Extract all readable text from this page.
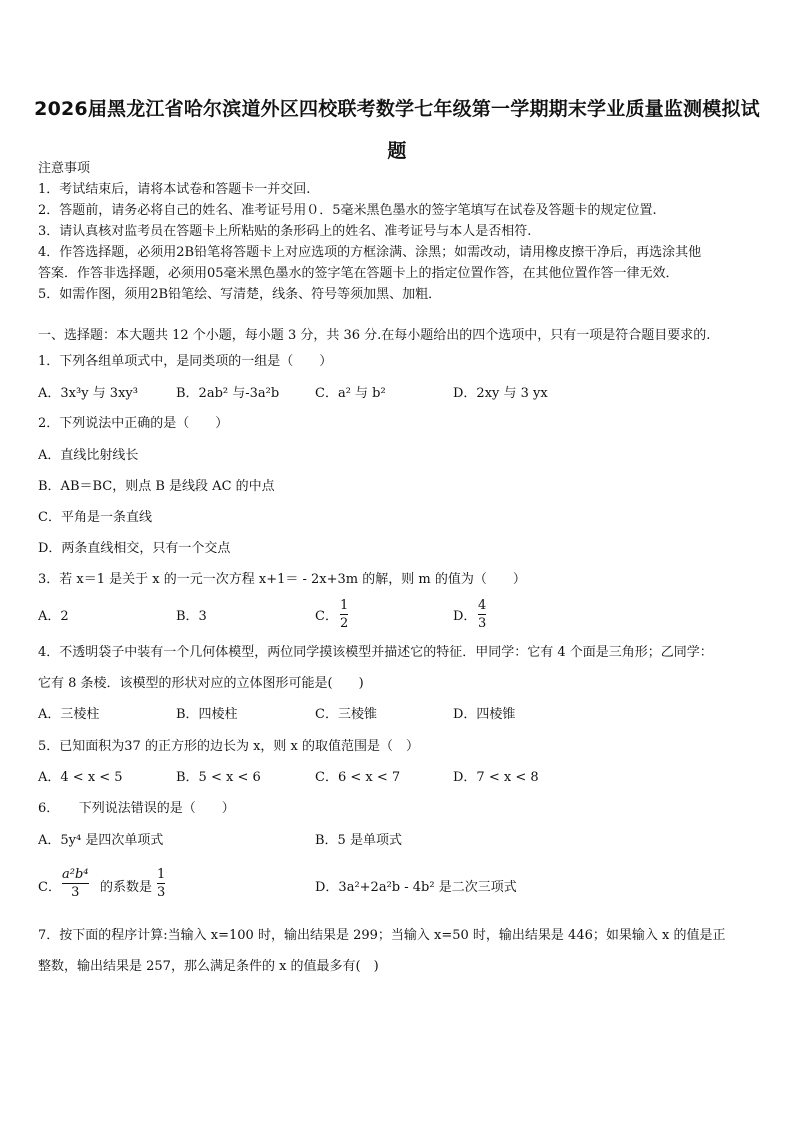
2026届黑龙江省哈尔滨道外区四校联考数学七年级第一学期期末学业质量监测模拟试
题
注意事项
1．考试结束后，请将本试卷和答题卡一并交回.
2．答题前，请务必将自己的姓名、准考证号用０．5毫米黑色墨水的签字笔填写在试卷及答题卡的规定位置.
3．请认真核对监考员在答题卡上所粘贴的条形码上的姓名、准考证号与本人是否相符.
4．作答选择题，必须用2B铅笔将答题卡上对应选项的方框涂满、涂黑；如需改动，请用橡皮擦干净后，再选涂其他
答案．作答非选择题，必须用05毫米黑色墨水的签字笔在答题卡上的指定位置作答，在其他位置作答一律无效．
5．如需作图，须用2B铅笔绘、写清楚，线条、符号等须加黑、加粗．
一、选择题：本大题共 12 个小题，每小题 3 分，共 36 分.在每小题给出的四个选项中，只有一项是符合题目要求的.
1．下列各组单项式中，是同类项的一组是（　　）
A．3x³y 与 3xy³	B．2ab² 与-3a²b	C．a² 与 b²	D．2xy 与 3 yx
2．下列说法中正确的是（　　）
A．直线比射线长
B．AB＝BC，则点 B 是线段 AC 的中点
C．平角是一条直线
D．两条直线相交，只有一个交点
3．若 x＝1 是关于 x 的一元一次方程 x+1＝ - 2x+3m 的解，则 m 的值为（　　）
A．2	B．3	C．
1
2	D．
4
3
4．不透明袋子中装有一个几何体模型，两位同学摸该模型并描述它的特征．甲同学：它有 4 个面是三角形；乙同学：
它有 8 条棱．该模型的形状对应的立体图形可能是(　　)
A．三棱柱	B．四棱柱	C．三棱锥	D．四棱锥
5．已知面积为37 的正方形的边长为 x，则 x 的取值范围是（　）
A．4 < x < 5	B．5 < x < 6	C．6 < x < 7	D．7 < x < 8
6．　　下列说法错误的是（　　）
A．5y⁴ 是四次单项式	B．5 是单项式
C．
a²b⁴
3 的系数是
1
3	D．3a²+2a²b - 4b² 是二次三项式
7．按下面的程序计算:当输入 x=100 时，输出结果是 299；当输入 x=50 时，输出结果是 446；如果输入 x 的值是正
整数，输出结果是 257，那么满足条件的 x 的值最多有(　)
